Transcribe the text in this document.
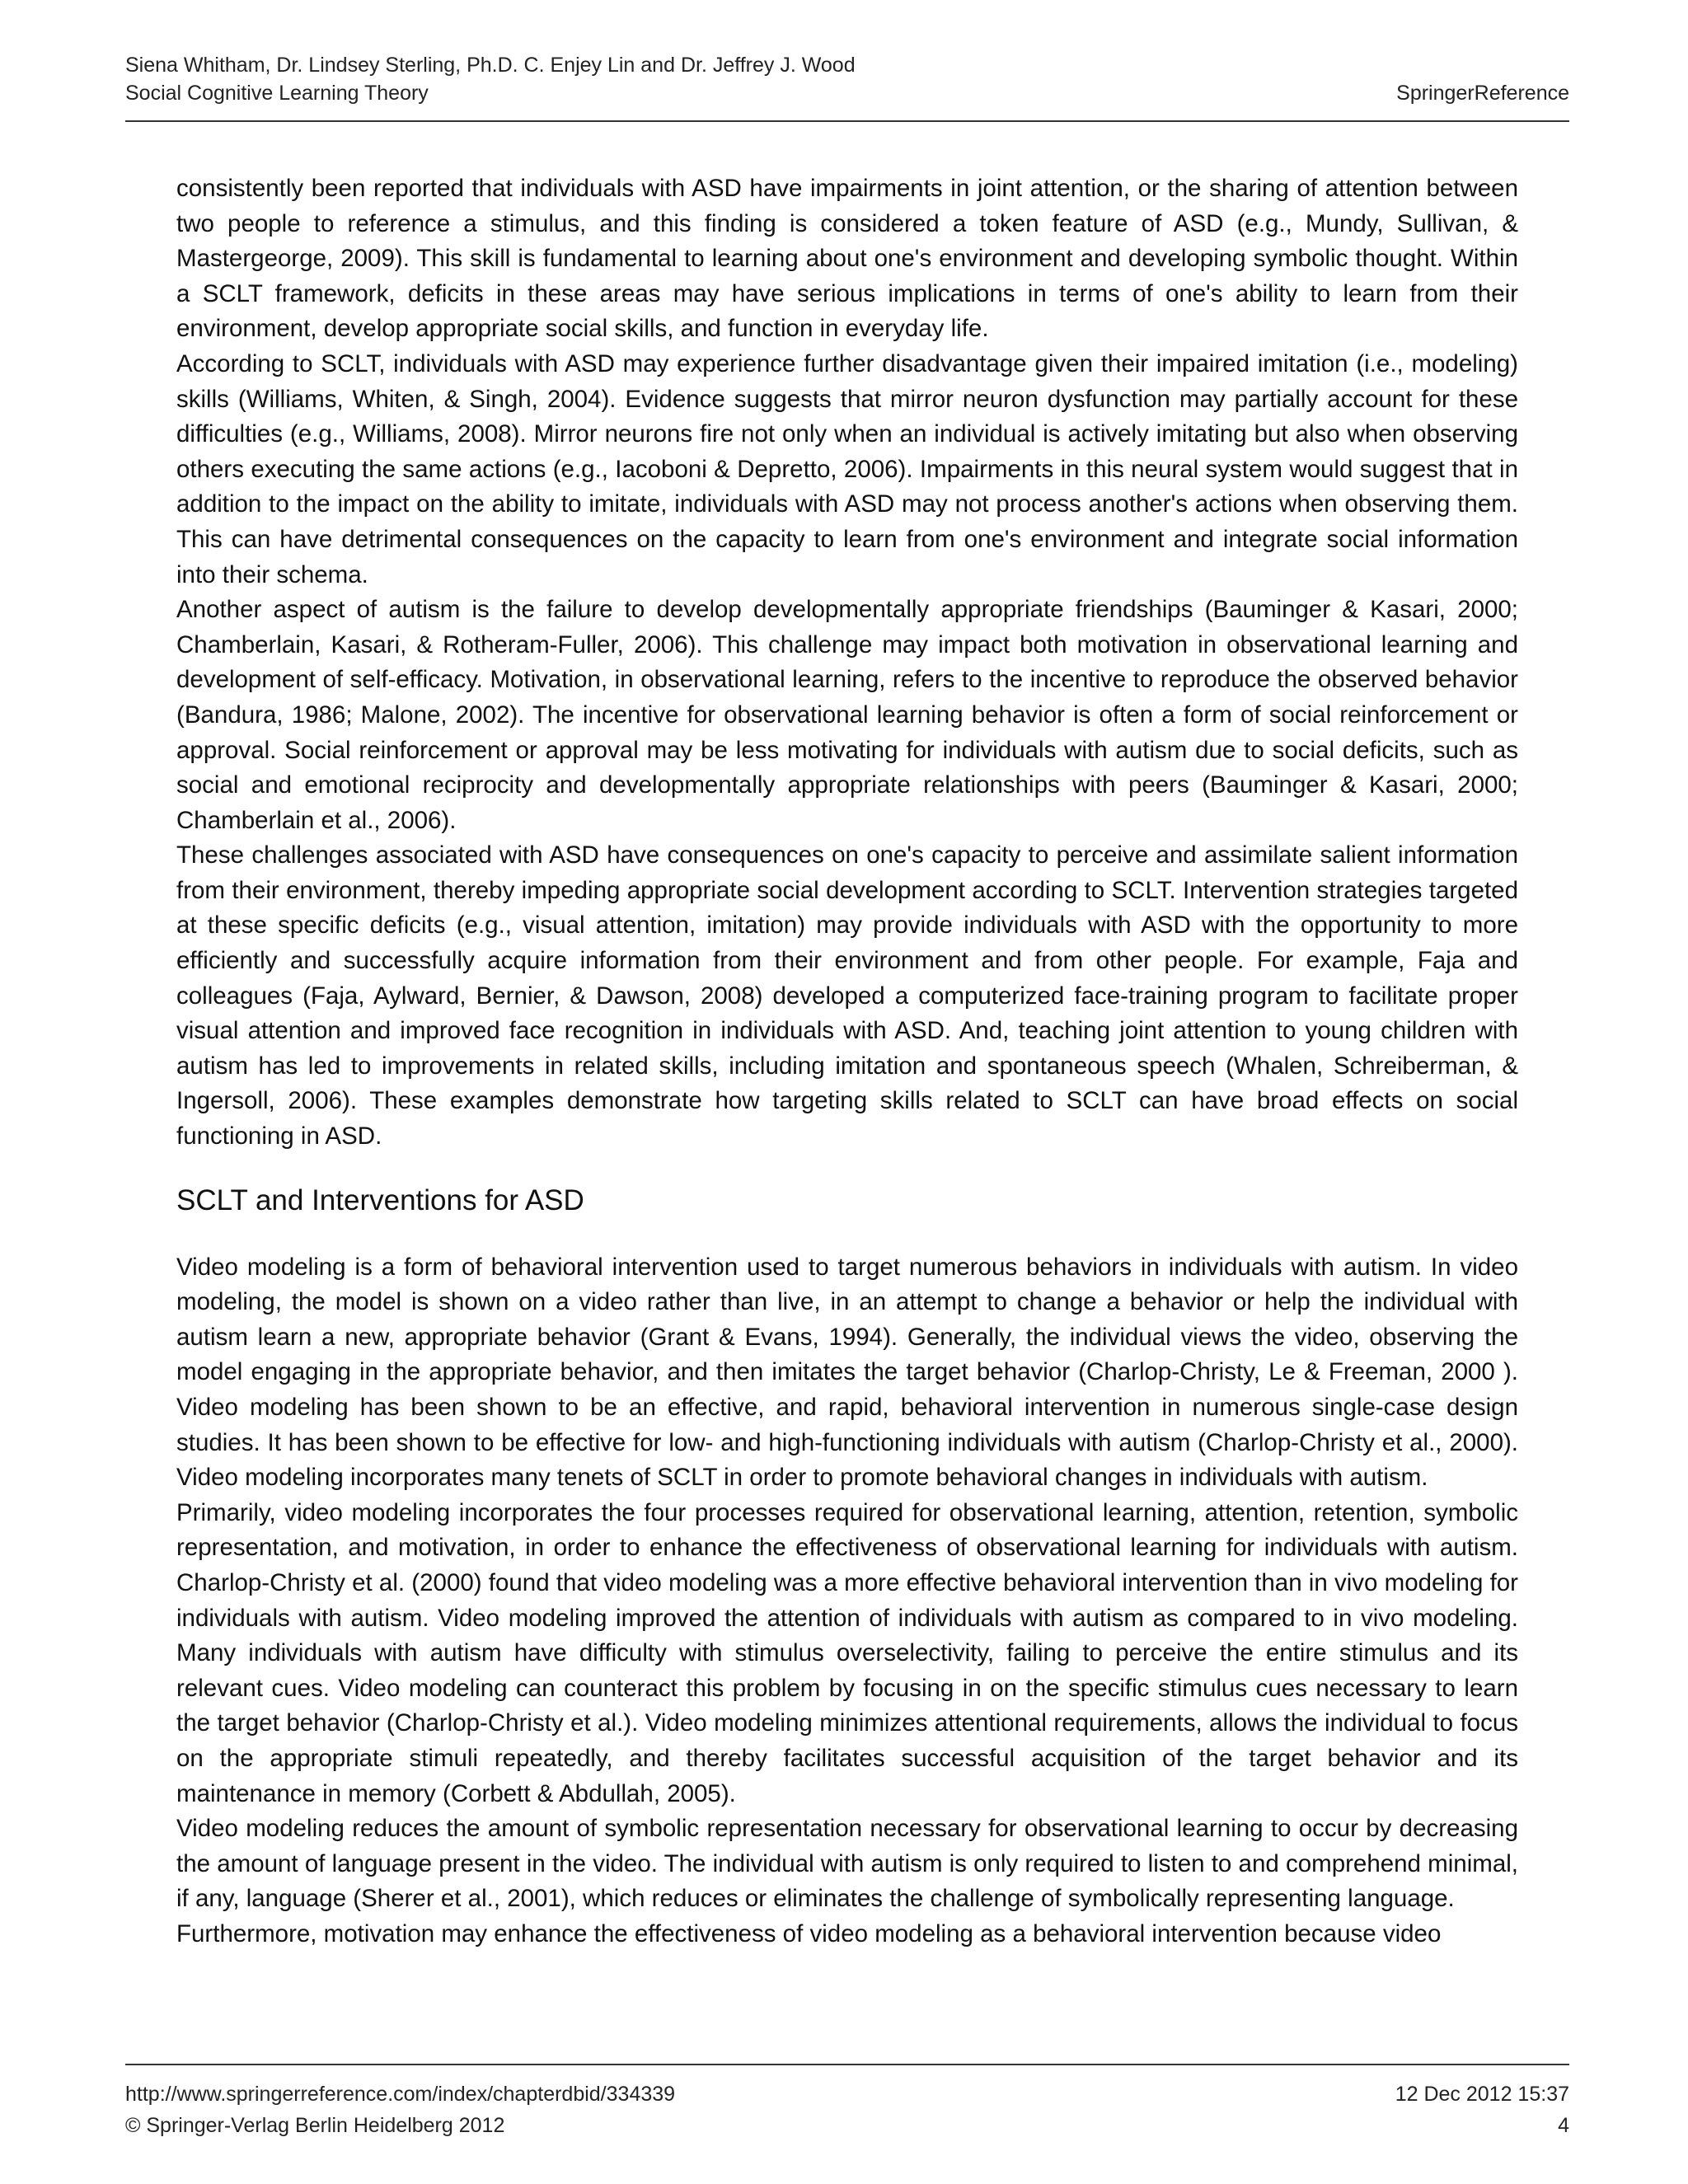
Siena Whitham, Dr. Lindsey Sterling, Ph.D. C. Enjey Lin and Dr. Jeffrey J. Wood
Social Cognitive Learning Theory	SpringerReference

consistently been reported that individuals with ASD have impairments in joint attention, or the sharing of attention between two people to reference a stimulus, and this finding is considered a token feature of ASD (e.g., Mundy, Sullivan, & Mastergeorge, 2009). This skill is fundamental to learning about one's environment and developing symbolic thought. Within a SCLT framework, deficits in these areas may have serious implications in terms of one's ability to learn from their environment, develop appropriate social skills, and function in everyday life.

According to SCLT, individuals with ASD may experience further disadvantage given their impaired imitation (i.e., modeling) skills (Williams, Whiten, & Singh, 2004). Evidence suggests that mirror neuron dysfunction may partially account for these difficulties (e.g., Williams, 2008). Mirror neurons fire not only when an individual is actively imitating but also when observing others executing the same actions (e.g., Iacoboni & Depretto, 2006). Impairments in this neural system would suggest that in addition to the impact on the ability to imitate, individuals with ASD may not process another's actions when observing them. This can have detrimental consequences on the capacity to learn from one's environment and integrate social information into their schema.

Another aspect of autism is the failure to develop developmentally appropriate friendships (Bauminger & Kasari, 2000; Chamberlain, Kasari, & Rotheram-Fuller, 2006). This challenge may impact both motivation in observational learning and development of self-efficacy. Motivation, in observational learning, refers to the incentive to reproduce the observed behavior (Bandura, 1986; Malone, 2002). The incentive for observational learning behavior is often a form of social reinforcement or approval. Social reinforcement or approval may be less motivating for individuals with autism due to social deficits, such as social and emotional reciprocity and developmentally appropriate relationships with peers (Bauminger & Kasari, 2000; Chamberlain et al., 2006).

These challenges associated with ASD have consequences on one's capacity to perceive and assimilate salient information from their environment, thereby impeding appropriate social development according to SCLT. Intervention strategies targeted at these specific deficits (e.g., visual attention, imitation) may provide individuals with ASD with the opportunity to more efficiently and successfully acquire information from their environment and from other people. For example, Faja and colleagues (Faja, Aylward, Bernier, & Dawson, 2008) developed a computerized face-training program to facilitate proper visual attention and improved face recognition in individuals with ASD. And, teaching joint attention to young children with autism has led to improvements in related skills, including imitation and spontaneous speech (Whalen, Schreiberman, & Ingersoll, 2006). These examples demonstrate how targeting skills related to SCLT can have broad effects on social functioning in ASD.

SCLT and Interventions for ASD

Video modeling is a form of behavioral intervention used to target numerous behaviors in individuals with autism. In video modeling, the model is shown on a video rather than live, in an attempt to change a behavior or help the individual with autism learn a new, appropriate behavior (Grant & Evans, 1994). Generally, the individual views the video, observing the model engaging in the appropriate behavior, and then imitates the target behavior (Charlop-Christy, Le & Freeman, 2000 ). Video modeling has been shown to be an effective, and rapid, behavioral intervention in numerous single-case design studies. It has been shown to be effective for low- and high-functioning individuals with autism (Charlop-Christy et al., 2000). Video modeling incorporates many tenets of SCLT in order to promote behavioral changes in individuals with autism.

Primarily, video modeling incorporates the four processes required for observational learning, attention, retention, symbolic representation, and motivation, in order to enhance the effectiveness of observational learning for individuals with autism. Charlop-Christy et al. (2000) found that video modeling was a more effective behavioral intervention than in vivo modeling for individuals with autism. Video modeling improved the attention of individuals with autism as compared to in vivo modeling. Many individuals with autism have difficulty with stimulus overselectivity, failing to perceive the entire stimulus and its relevant cues. Video modeling can counteract this problem by focusing in on the specific stimulus cues necessary to learn the target behavior (Charlop-Christy et al.). Video modeling minimizes attentional requirements, allows the individual to focus on the appropriate stimuli repeatedly, and thereby facilitates successful acquisition of the target behavior and its maintenance in memory (Corbett & Abdullah, 2005).

Video modeling reduces the amount of symbolic representation necessary for observational learning to occur by decreasing the amount of language present in the video. The individual with autism is only required to listen to and comprehend minimal, if any, language (Sherer et al., 2001), which reduces or eliminates the challenge of symbolically representing language.

Furthermore, motivation may enhance the effectiveness of video modeling as a behavioral intervention because video

http://www.springerreference.com/index/chapterdbid/334339	12 Dec 2012 15:37
© Springer-Verlag Berlin Heidelberg 2012	4
